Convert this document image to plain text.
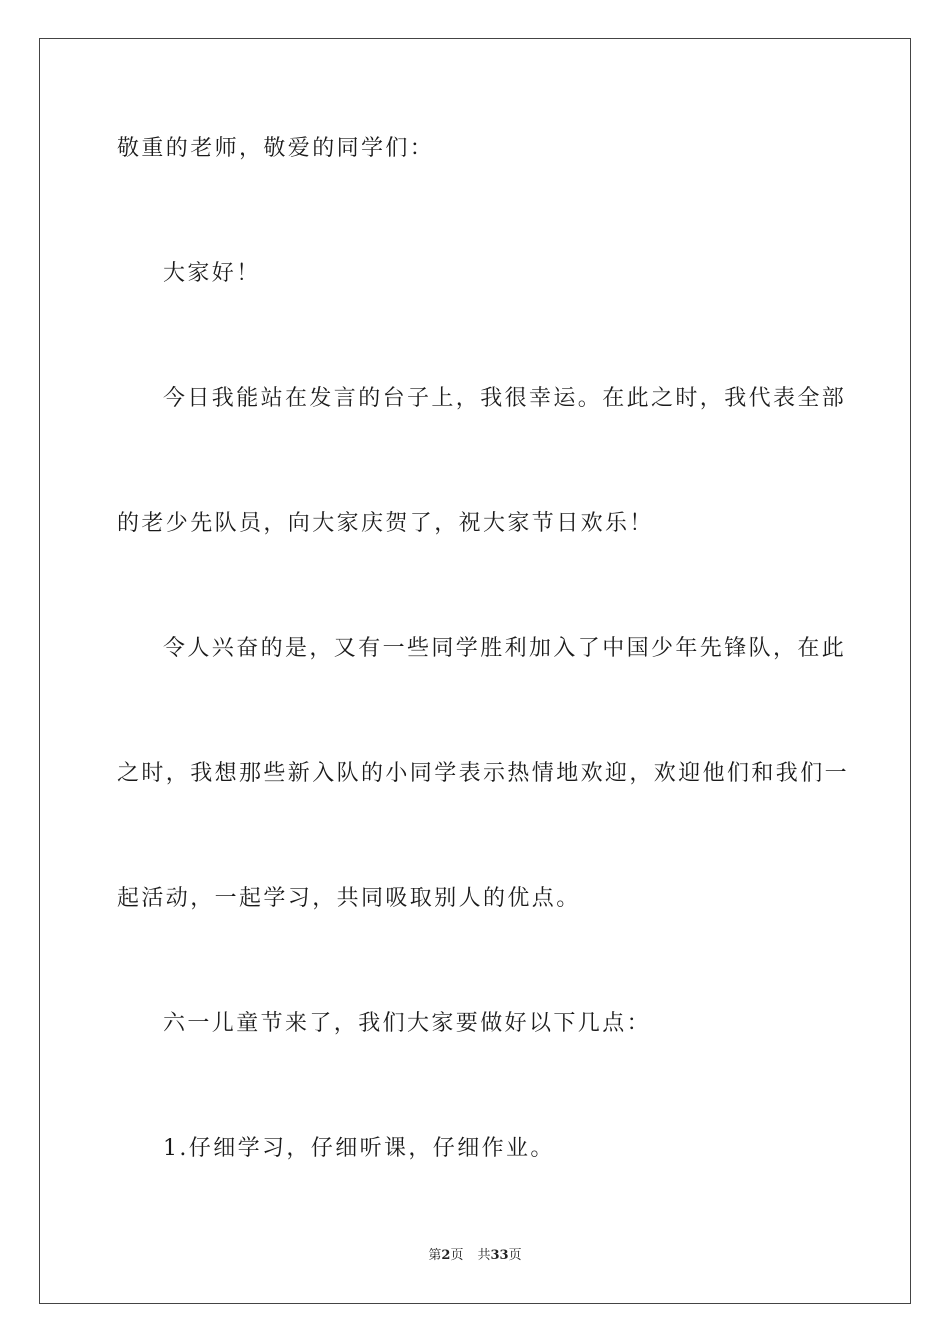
敬重的老师，敬爱的同学们：
大家好！
今日我能站在发言的台子上，我很幸运。在此之时，我代表全部
的老少先队员，向大家庆贺了，祝大家节日欢乐！
令人兴奋的是，又有一些同学胜利加入了中国少年先锋队，在此
之时，我想那些新入队的小同学表示热情地欢迎，欢迎他们和我们一
起活动，一起学习，共同吸取别人的优点。
六一儿童节来了，我们大家要做好以下几点：
1.仔细学习，仔细听课，仔细作业。
第2页 共33页
